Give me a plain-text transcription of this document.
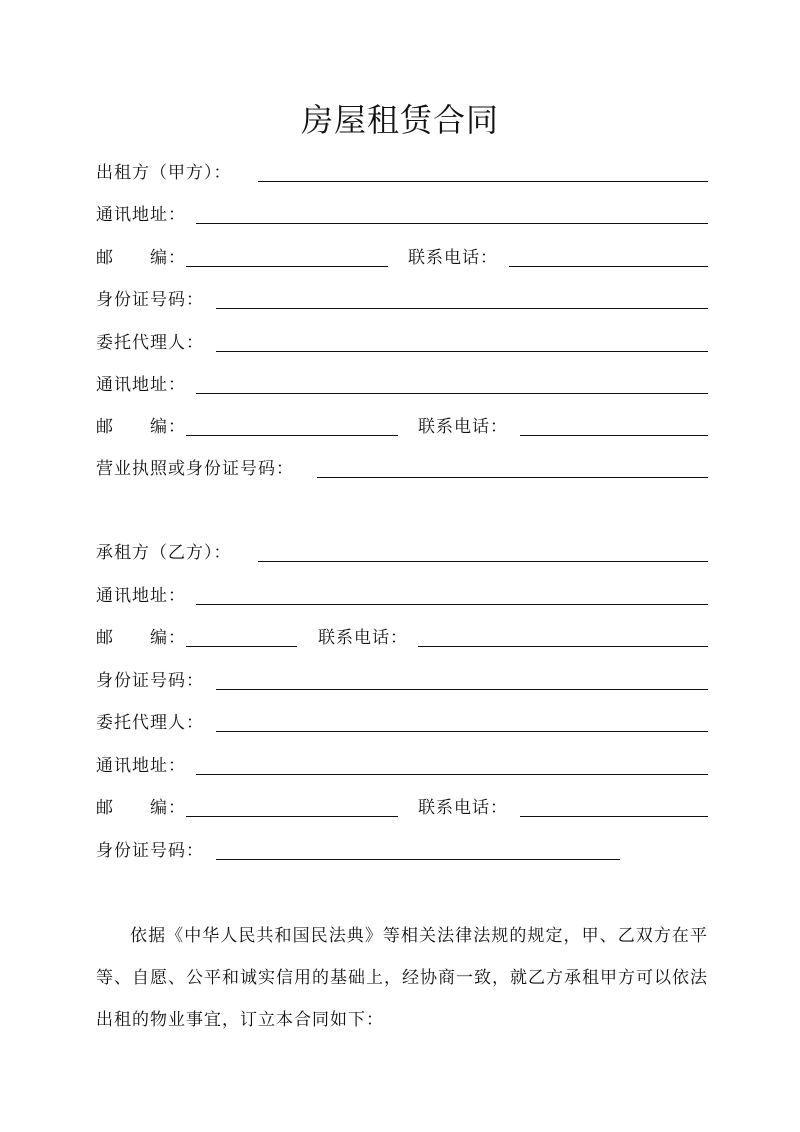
房屋租赁合同
出租方（甲方）：
通讯地址：
邮　　编：	联系电话：
身份证号码：
委托代理人：
通讯地址：
邮　　编：	联系电话：
营业执照或身份证号码：
承租方（乙方）：
通讯地址：
邮　　编：	联系电话：
身份证号码：
委托代理人：
通讯地址：
邮　　编：	联系电话：
身份证号码：

依据《中华人民共和国民法典》等相关法律法规的规定，甲、乙双方在平等、自愿、公平和诚实信用的基础上，经协商一致，就乙方承租甲方可以依法出租的物业事宜，订立本合同如下：
